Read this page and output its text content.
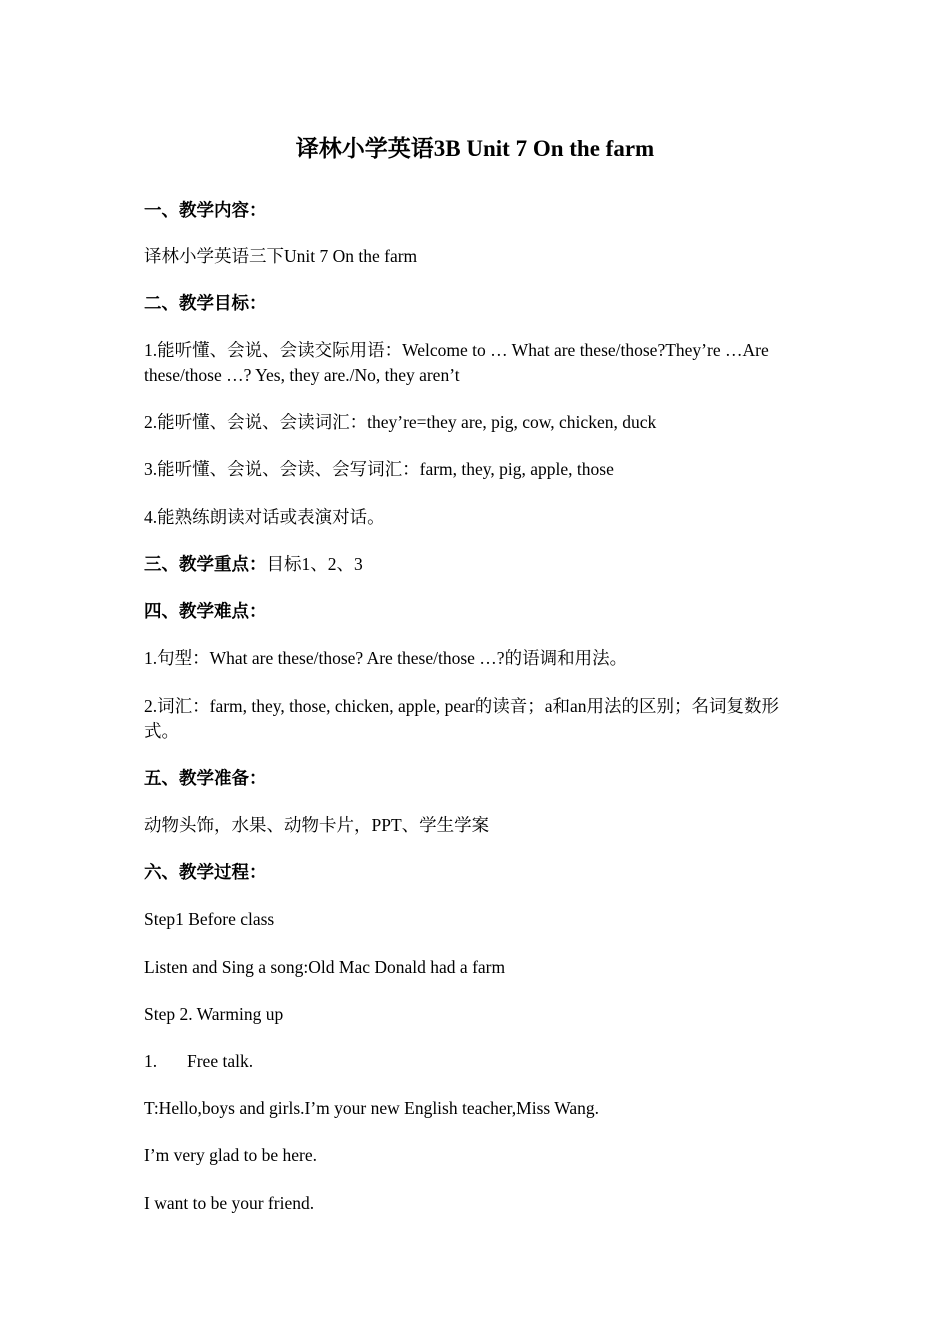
译林小学英语3B Unit 7 On the farm
一、教学内容：
译林小学英语三下Unit 7 On the farm
二、教学目标：
1.能听懂、会说、会读交际用语：Welcome to … What are these/those?They’re …Are these/those …? Yes, they are./No, they aren’t
2.能听懂、会说、会读词汇：they’re=they are, pig, cow, chicken, duck
3.能听懂、会说、会读、会写词汇：farm, they, pig, apple, those
4.能熟练朗读对话或表演对话。
三、教学重点：目标1、2、3
四、教学难点：
1.句型：What are these/those? Are these/those …?的语调和用法。
2.词汇：farm, they, those, chicken, apple, pear的读音；a和an用法的区别；名词复数形式。
五、教学准备：
动物头饰，水果、动物卡片，PPT、学生学案
六、教学过程：
Step1 Before class
Listen and Sing a song:Old Mac Donald had a farm
Step 2. Warming up
1. Free talk.
T:Hello,boys and girls.I’m your new English teacher,Miss Wang.
I’m very glad to be here.
I want to be your friend.
